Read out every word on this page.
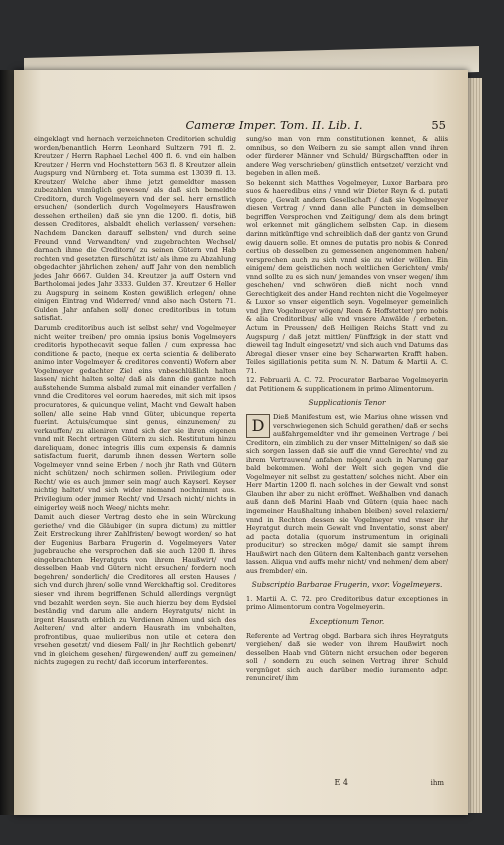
Cameræ Imper. Tom. II. Lib. I.	55

eingeklagt vnd hernach verzeichneten Creditorien schuldig worden/benantlich Herrn Leonhard Sultzern 791 fl. 2. Kreutzer / Herrn Raphael Lechel 400 fl. 6. vnd ein halben Kreutzer / Herrn vnd Hochstettern 563 fl. 8 Kreutzer allein Augspurg vnd Nürnberg et. Tota summa est 13039 fl. 13. Kreutzer/ Welche aber ihme jetzt gemeldter massen zubezahlen vnmüglich gewesen/ als daß sich bemeldte Creditorn, durch Vogelmeyern vnd der sel. herr ernstlich ersuchen/ (sonderlich durch Vogelmeyers Hausfrawen dessehen ertheilen) daß sie ynn die 1200. fl. dotis, biß dessen Creditores, alsbaldt ehelich verlassen/ versehen: Nachdem Dancken darauff selbsten/ vnd durch seine Freund vnnd Verwandten/ vnd zugebrachten Wechsel/ darnach ihme die Creditorn/ zu seinen Gütern vnd Hab rechten vnd gesetzten fürschützt ist/ als ihme zu Abzahlung obgedachter jährlichen zehen/ auff Jahr von den nemblich jedes Jahr 6667. Gulden 34. Kreutzer ja auff Ostern vnd Bartholomai jedes Jahr 3333. Gulden 37. Kreutzer 6 Heller zu Augspurg in seinem Kosten gewißlich erlegen/ ohne einigen Eintrag vnd Widerred/ vnnd also nach Ostern 71. Gulden Jahr anfahen soll/ donec creditoribus in totum satisfiat.

Darumb creditoribus auch ist selbst sehr/ vnd Vogelmeyer nicht weiter treiben/ pro omnia ipsius bonis Vogelmeyers creditoris hypothecavit seque fallen / cum expressa hac conditione & pacto, (neque ex certa scientia & deliberato animo inter Vogelmeyer & creditores conventi) Wofern aber Vogelmeyer gedachter Ziel eins vnbeschlüßlich halten lassen/ nicht halten solte/ daß als dann die gantze noch außstehende Summa alsbald zumal mit einander verfallen / vnnd die Creditores vel eorum haeredes, mit sich mit ipsos procuratores, & quicunque velint, Macht vnd Gewalt haben sollen/ alle seine Hab vnnd Güter, ubicunque reperta fuerint. Actuis/cumque sint genus, einzunemen/ zu verkauffen/ zu alieniren vnnd sich der sie ihren eigenen vnnd mit Recht ertragen Gütern zu sich. Restitutum hinzu dareliquam, donec integris illis cum expensis & damnis satisfactum fuerit, darumb ihnen dessen Wertern solle Vogelmeyer vnnd seine Erben / noch jhr Rath vnd Gütern nicht schützen/ noch schirmen sollen. Privilegium oder Recht/ wie es auch jmmer sein mag/ auch Kayserl. Keyser nichtig haltet/ vnd sich wider niemand nochnimmt aus. Privilegium oder jmmer Recht/ vnd Ursach nicht/ nichts in einigerley weiß noch Weeg/ nichts mehr.

Damit auch dieser Vertrag desto ehe in sein Würckung geriethe/ vnd die Gläubiger (in supra dictum) zu mittler Zeit Erstreckung ihrer Zahlfristen/ bewogt worden/ so hat der Eugenius Barbara Frugerin d. Vogelmeyers Vater jugebrauche ehe versprochen daß sie auch 1200 fl. ihres eingebrachten Heyratguts von ihrem Haußwirt/ vnd desselben Haab vnd Gütern nicht ersuchen/ fordern noch begehren/ sonderlich/ die Creditores all ersten Hauses / sich vnd durch jhren/ solle vnnd Werckhaftig sol. Creditores sieser vnd ihrem begriffenen Schuld allerdings vergnügt vnd bezahlt werden seyn. Sie auch hierzu bey dem Eydsiel beständig vnd darum alle andern Heyratguts/ nicht in irgent Hausrath erblich zu Verdienen Almen und sich des Aelteren/ vnd alter andern Hausrath im vnbehalten, profrontibus, quae mulieribus non utile et cetera den vrsehen gesetzt/ vnd diesem Fall/ in jhr Rechtlich gebenrt/ vnd in gleichem gesehen/ fürgewenden/ auff zu gemeinen/ nichts zugegen zu recht/ daß iccorum interferentes.

sung/so man von rnm constitutionen kennet, & aliis omnibus, so den Weibern zu sie sampt allen vnnd ihren oder fürderer Männer vnd Schuld/ Bürgschafften oder in andere Weg verschrieben/ günstlich entsetzet/ verzicht vnd begeben in allen meß.

So bekennt sich Matthes Vogelmeyer, Luxor Barbara pro suos & haeredibus eins / vnnd wir Dieter Reyn & d. putati vigore , Gewalt andern Gesellschaft / daß sie Vogelmeyer diesen Vertrag / vnnd dann alle Puncten in demselben begriffen Versprochen vnd Zeitigung/ dem als dem bringt wol erkennet mit gänglichem selbsten Cap. in diesem darinn mitkünftige vnd schreiblich daß der gantz von Grund ewig dauern solle. Et omnes de putatis pro nobis & Conred certius ob desselben zu gemessenen angenommen haben/ versprechen auch zu sich vnnd sie zu wider wöllen. Ein einigem/ dem geistlichen noch weltlichen Gerichten/ vmb/ vnnd sollte zu es sich nun/ jemandes von vnser wegen/ ihm geschehen/ vnd schwören dieß nicht noch vnnd Gerechtigkeit des ander Hand rechten nicht die Vogelmeyer & Luxor so vnser eigentlich seyn. Vogelmeyer gemeinlich vnd jhre Vogelmeyer wögen/ Reen & Hoffstetter/ pro nobis & alia Creditoribus/ alle vnd vnsere Anwälde / erbeten. Actum in Preussen/ deß Heiligen Reichs Statt vnd zu Augspurg / daß jetzt mittlen/ Fünffzigk in der statt vnd dieweil tag Indult eingesetzt/ vnd sich auch vnd Datums das Abregal dieser vnser eine bey Scharwarten Krafft haben. Teiles sigillationis petita sum N. N. Datum & Martii A. C. 71.

12. Februarii A. C. 72. Procurator Barbarae Vogelmeyerin dat Petitionem & supplicationem in primo Alimentorum.

Supplicationis Tenor

D	Dieß Manifestum est, wie Marius ohne wissen vnd verschwiegenen sich Schuld gerathen/ daß er sechs außfahrgemeldter vnd ihr gemeinen Vertrage / bei Creditorn, ein zimblich zu der vnser Mittelnigen/ so daß sie sich sorgen lassen daß sie auff die vnnd Gerechte/ vnd zu ihrem Vertrauwen/ anfahen mögen/ auch in Narung gar bald bekommen. Wohl der Welt sich gegen vnd die Vogelmeyer nit selbst zu gestatten/ solches nicht. Aber ein Herr Martin 1200 fl. nach solches in der Gewalt vnd sonst Glauben ihr aber zu nicht eröffnet. Weßhalben vnd danach auß dann deß Marini Haab vnd Gütern (quia haec nach ingemeiner Haußhaltung inhaben bleiben) sovel relaxiern/ vnnd in Rechten dessen sie Vogelmeyer vnd vnser ihr Heyratgut durch mein Gewalt vnd Inventatio, sonst aber/ ad pacta dotalia (quorum instrumentum in originali producitur) so strecken möge/ damit sie sampt ihrem Haußwirt nach den Gütern dem Kaltenbach gantz versehen lassen. Aliqua vnd auffs mehr nicht/ vnd nehmen/ dem aber/ aus frembder/ ein.

Subscriptio Barbarae Frugerin, vxor. Vogelmeyers.

1. Martii A. C. 72. pro Creditoribus datur exceptiones in primo Alimentorum contra Vogelmeyerin.

Exceptionum Tenor.

Referente ad Vertrag obgd. Barbara sich ihres Heyratguts vergiehen/ daß sie weder von ihrem Haußwirt noch desselben Haab vnd Gütern nicht ersuchen oder begeren soll / sondern zu euch seinen Vertrag ihrer Schuld vergnüget sich auch darüber medio iuramento adpr. renunciret/ ihm

E 4	ihm
